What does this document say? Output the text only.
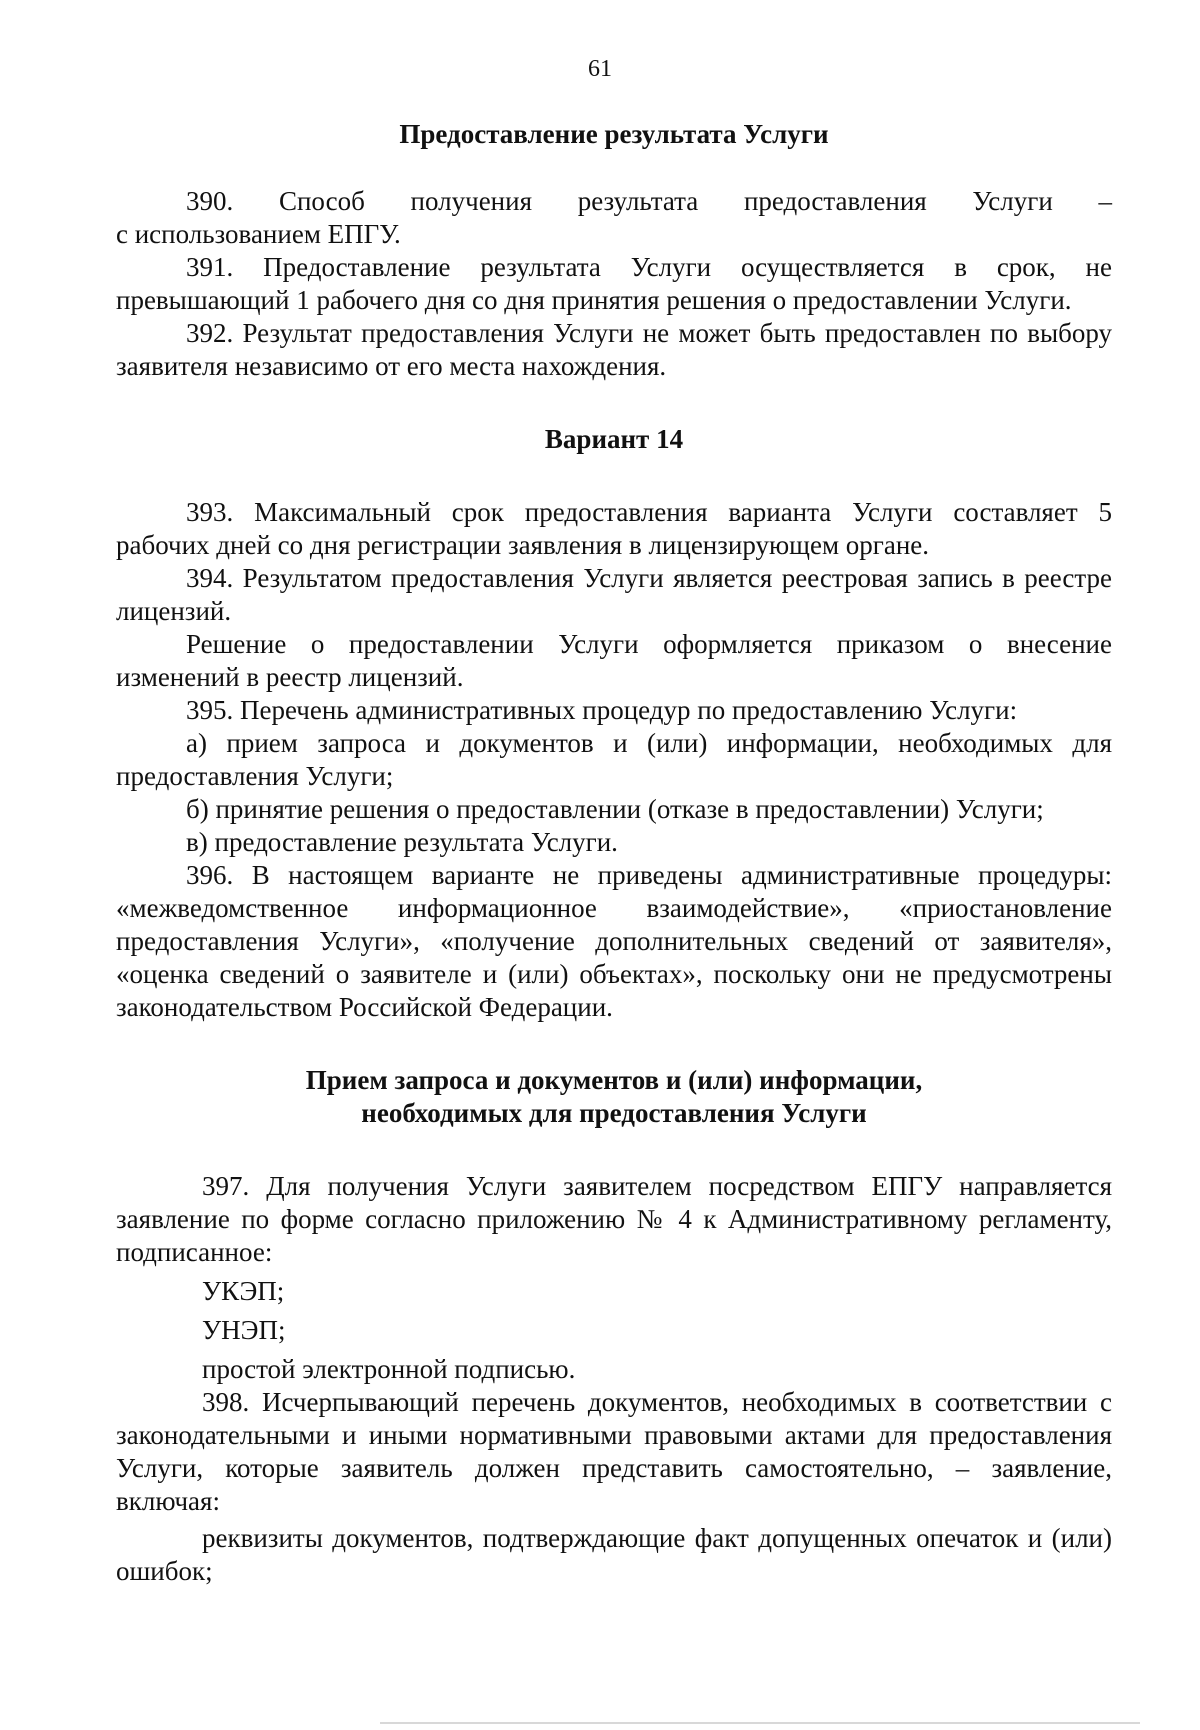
61
Предоставление результата Услуги

390. Способ получения результата предоставления Услуги –

с использованием ЕПГУ.

391. Предоставление результата Услуги осуществляется в срок, не превышающий 1 рабочего дня со дня принятия решения о предоставлении Услуги.

392. Результат предоставления Услуги не может быть предоставлен по выбору заявителя независимо от его места нахождения.

Вариант 14

393. Максимальный срок предоставления варианта Услуги составляет 5 рабочих дней со дня регистрации заявления в лицензирующем органе.

394. Результатом предоставления Услуги является реестровая запись в реестре лицензий.

Решение о предоставлении Услуги оформляется приказом о внесение изменений в реестр лицензий.

395. Перечень административных процедур по предоставлению Услуги:

а) прием запроса и документов и (или) информации, необходимых для предоставления Услуги;

б) принятие решения о предоставлении (отказе в предоставлении) Услуги;

в) предоставление результата Услуги.

396. В настоящем варианте не приведены административные процедуры: «межведомственное информационное взаимодействие», «приостановление предоставления Услуги», «получение дополнительных сведений от заявителя», «оценка сведений о заявителе и (или) объектах», поскольку они не предусмотрены законодательством Российской Федерации.

Прием запроса и документов и (или) информации,
необходимых для предоставления Услуги

397. Для получения Услуги заявителем посредством ЕПГУ направляется заявление по форме согласно приложению № 4 к Административному регламенту, подписанное:

УКЭП;

УНЭП;

простой электронной подписью.

398. Исчерпывающий перечень документов, необходимых в соответствии с законодательными и иными нормативными правовыми актами для предоставления Услуги, которые заявитель должен представить самостоятельно, – заявление, включая:

реквизиты документов, подтверждающие факт допущенных опечаток и (или) ошибок;
